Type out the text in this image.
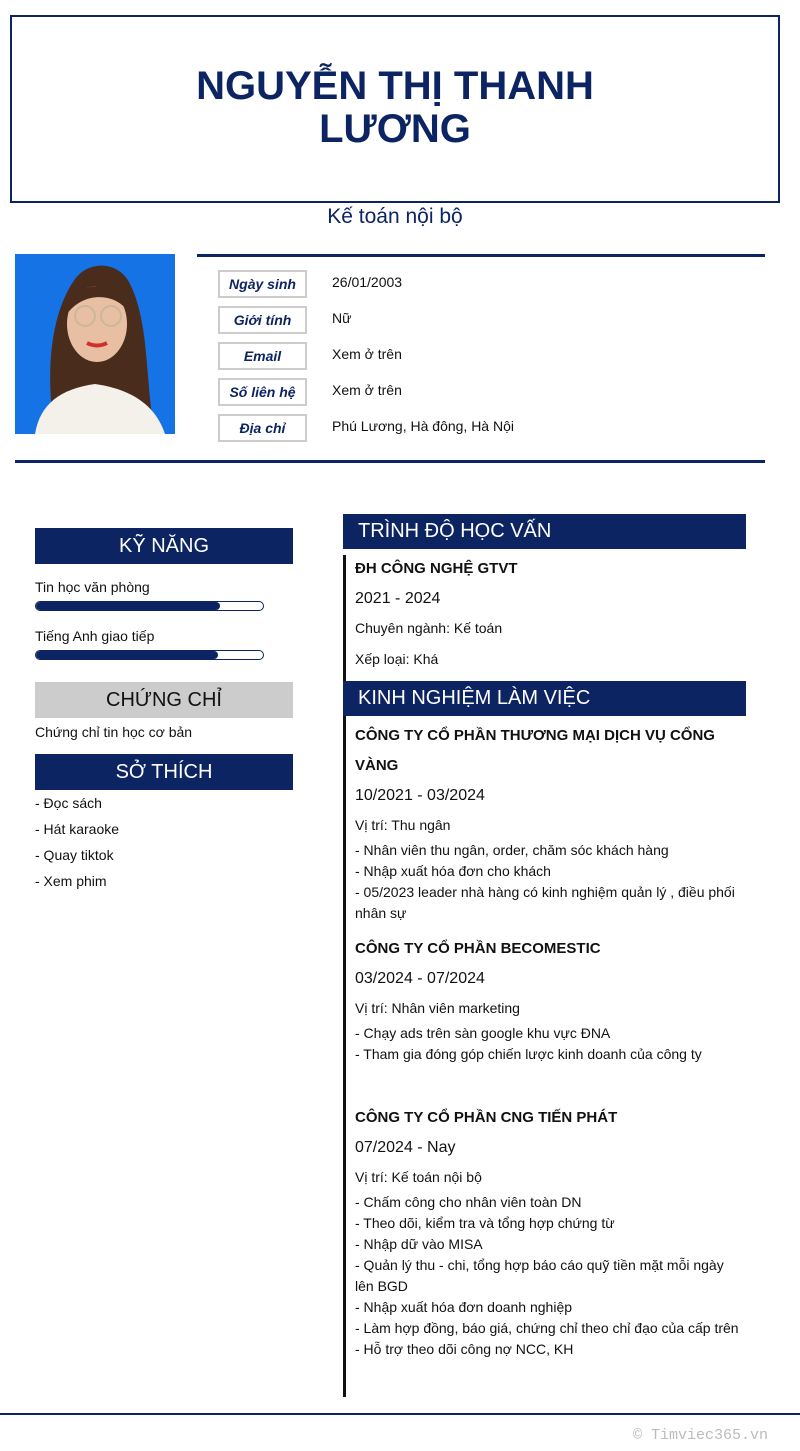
NGUYỄN THỊ THANH LƯƠNG
Kế toán nội bộ
Ngày sinh	26/01/2003
Giới tính	Nữ
Email	Xem ở trên
Số liên hệ	Xem ở trên
Địa chỉ	Phú Lương, Hà đông, Hà Nội
KỸ NĂNG
Tin học văn phòng
Tiếng Anh giao tiếp
CHỨNG CHỈ
Chứng chỉ tin học cơ bản
SỞ THÍCH
- Đọc sách
- Hát karaoke
- Quay tiktok
- Xem phim
TRÌNH ĐỘ HỌC VẤN
ĐH CÔNG NGHỆ GTVT
2021 - 2024
Chuyên ngành: Kế toán
Xếp loại: Khá
KINH NGHIỆM LÀM VIỆC
CÔNG TY CỔ PHẦN THƯƠNG MẠI DỊCH VỤ CỔNG VÀNG
10/2021 - 03/2024
Vị trí: Thu ngân
- Nhân viên thu ngân, order, chăm sóc khách hàng
- Nhập xuất hóa đơn cho khách
- 05/2023 leader nhà hàng có kinh nghiệm quản lý , điều phối nhân sự
CÔNG TY CỔ PHẦN BECOMESTIC
03/2024 - 07/2024
Vị trí: Nhân viên marketing
- Chạy ads trên sàn google khu vực ĐNA
- Tham gia đóng góp chiến lược kinh doanh của công ty
CÔNG TY CỔ PHẦN CNG TIẾN PHÁT
07/2024 - Nay
Vị trí: Kế toán nội bộ
- Chấm công cho nhân viên toàn DN
- Theo dõi, kiểm tra và tổng hợp chứng từ
- Nhập dữ vào MISA
- Quản lý thu - chi, tổng hợp báo cáo quỹ tiền mặt mỗi ngày lên BGD
- Nhập xuất hóa đơn doanh nghiệp
- Làm hợp đồng, báo giá, chứng chỉ theo chỉ đạo của cấp trên
- Hỗ trợ theo dõi công nợ NCC, KH
© Timviec365.vn
